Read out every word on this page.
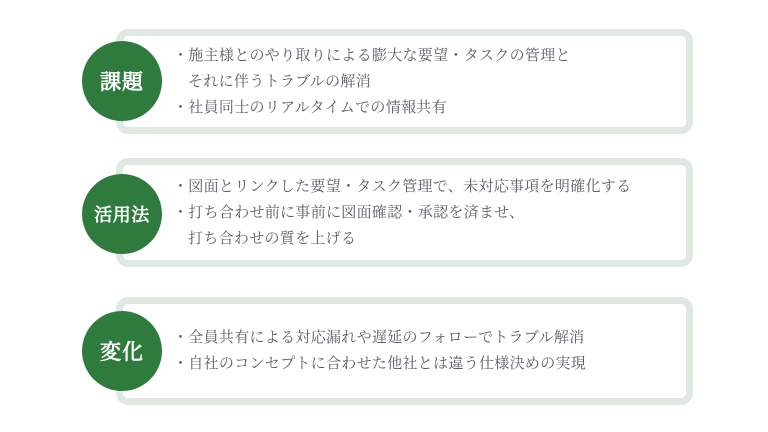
・施主様とのやり取りによる膨大な要望・タスクの管理と

それに伴うトラブルの解消

・社員同士のリアルタイムでの情報共有

課題

・図面とリンクした要望・タスク管理で、未対応事項を明確化する

・打ち合わせ前に事前に図面確認・承認を済ませ、

打ち合わせの質を上げる

活用法

・全員共有による対応漏れや遅延のフォローでトラブル解消

・自社のコンセプトに合わせた他社とは違う仕様決めの実現

変化
